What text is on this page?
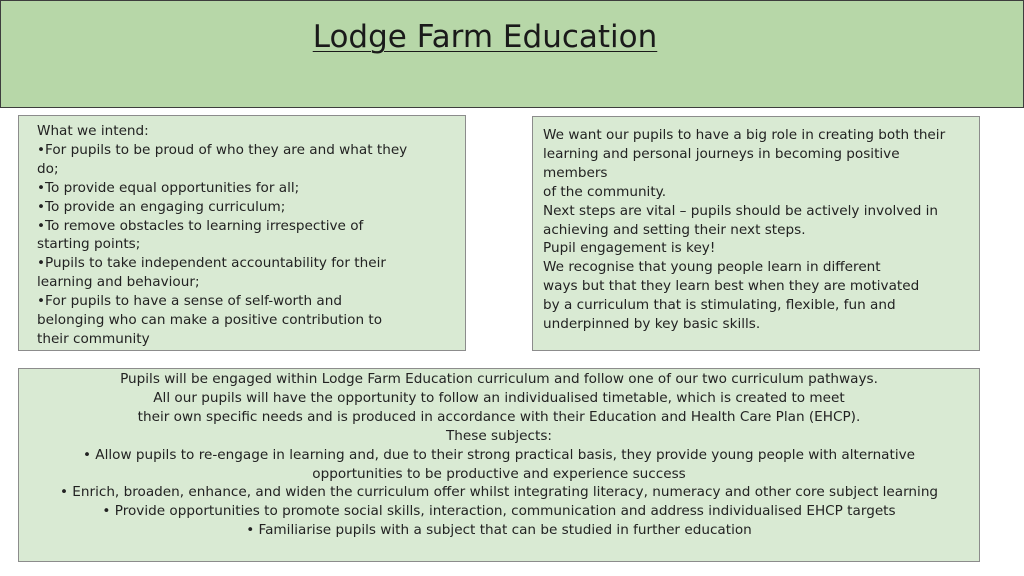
Lodge Farm Education

What we intend:

•For pupils to be proud of who they are and what they

do;

•To provide equal opportunities for all;

•To provide an engaging curriculum;

•To remove obstacles to learning irrespective of

starting points;

•Pupils to take independent accountability for their

learning and behaviour;

•For pupils to have a sense of self-worth and

belonging who can make a positive contribution to

their community

We want our pupils to have a big role in creating both their

learning and personal journeys in becoming positive

members

of the community.

Next steps are vital – pupils should be actively involved in

achieving and setting their next steps.

Pupil engagement is key!

We recognise that young people learn in different

ways but that they learn best when they are motivated

by a curriculum that is stimulating, flexible, fun and

underpinned by key basic skills.

Pupils will be engaged within Lodge Farm Education curriculum and follow one of our two curriculum pathways.

All our pupils will have the opportunity to follow an individualised timetable, which is created to meet

their own specific needs and is produced in accordance with their Education and Health Care Plan (EHCP).

These subjects:

• Allow pupils to re-engage in learning and, due to their strong practical basis, they provide young people with alternative opportunities to be productive and experience success

• Enrich, broaden, enhance, and widen the curriculum offer whilst integrating literacy, numeracy and other core subject learning

• Provide opportunities to promote social skills, interaction, communication and address individualised EHCP targets

• Familiarise pupils with a subject that can be studied in further education
